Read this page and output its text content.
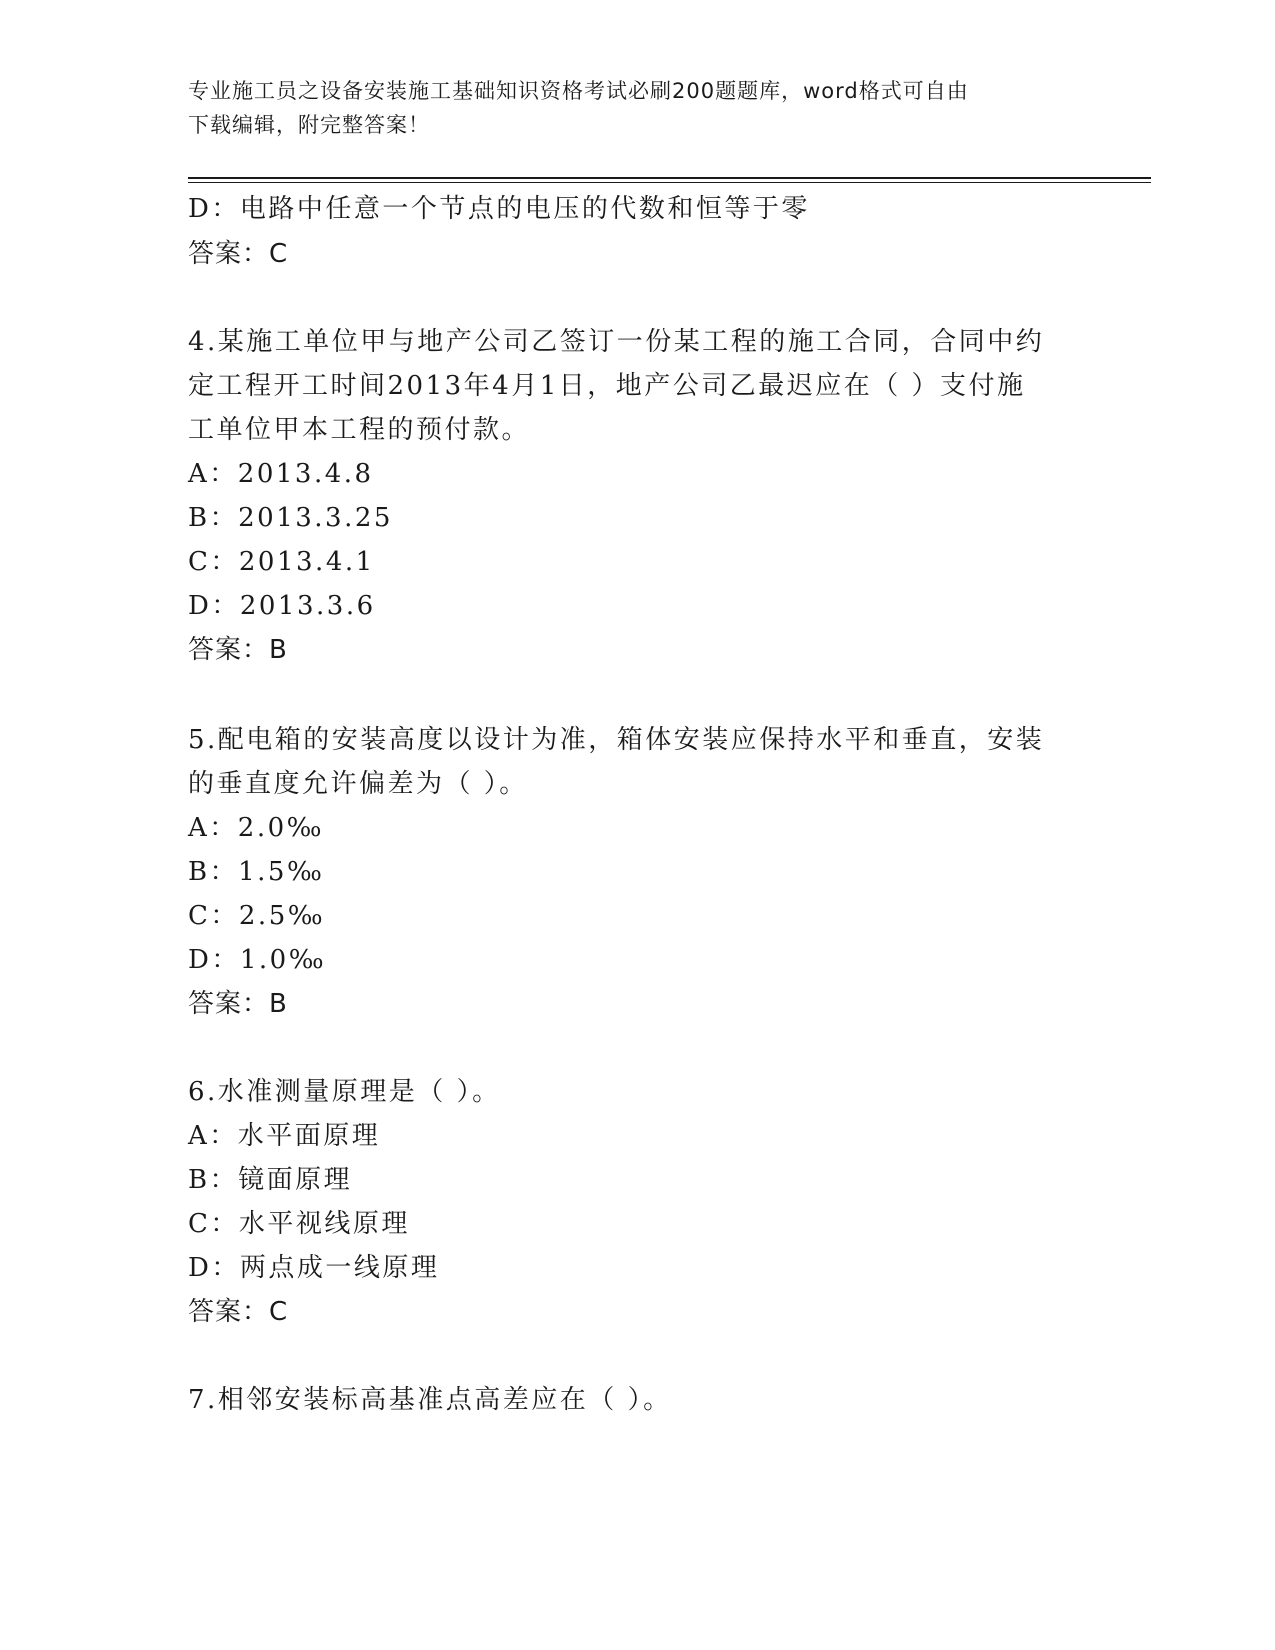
专业施工员之设备安装施工基础知识资格考试必刷200题题库，word格式可自由
下载编辑，附完整答案！
D：电路中任意一个节点的电压的代数和恒等于零
答案：C
4.某施工单位甲与地产公司乙签订一份某工程的施工合同，合同中约
定工程开工时间2013年4月1日，地产公司乙最迟应在（ ）支付施
工单位甲本工程的预付款。
A：2013.4.8
B：2013.3.25
C：2013.4.1
D：2013.3.6
答案：B
5.配电箱的安装高度以设计为准，箱体安装应保持水平和垂直，安装
的垂直度允许偏差为（ ）。
A：2.0‰
B：1.5‰
C：2.5‰
D：1.0‰
答案：B
6.水准测量原理是（ ）。
A：水平面原理
B：镜面原理
C：水平视线原理
D：两点成一线原理
答案：C
7.相邻安装标高基准点高差应在（ ）。
